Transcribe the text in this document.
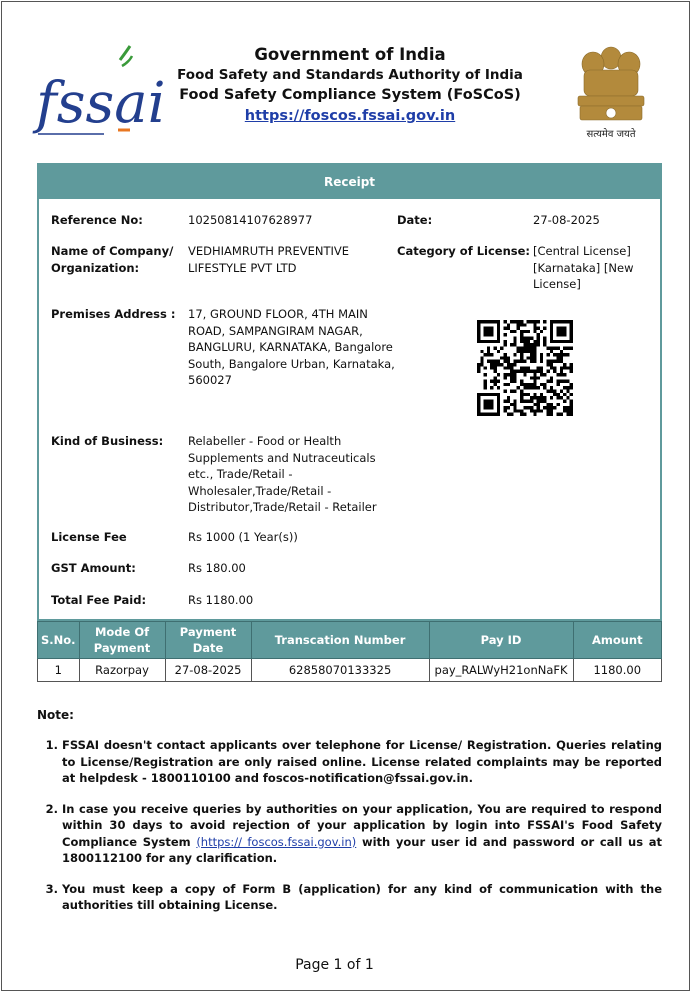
fssai
Government of India
Food Safety and Standards Authority of India
Food Safety Compliance System (FoSCoS)
https://foscos.fssai.gov.in
सत्यमेव जयते
Receipt
Reference No:	10250814107628977	Date:	27-08-2025
Name of Company/
Organization:
VEDHIAMRUTH PREVENTIVE
LIFESTYLE PVT LTD
Category of License: [Central License]
[Karnataka] [New
License]
Premises Address : 17, GROUND FLOOR, 4TH MAIN
ROAD, SAMPANGIRAM NAGAR,
BANGLURU, KARNATAKA, Bangalore
South, Bangalore Urban, Karnataka,
560027
Kind of Business: Relabeller - Food or Health
Supplements and Nutraceuticals
etc., Trade/Retail -
Wholesaler,Trade/Retail -
Distributor,Trade/Retail - Retailer
License Fee	Rs 1000 (1 Year(s))
GST Amount:	Rs 180.00
Total Fee Paid:	Rs 1180.00
S.No.	Mode Of Payment	Payment Date	Transcation Number	Pay ID	Amount
1	Razorpay	27-08-2025	62858070133325	pay_RALWyH21onNaFK	1180.00
Note:
1. FSSAI doesn't contact applicants over telephone for License/ Registration. Queries relating to License/Registration are only raised online. License related complaints may be reported at helpdesk - 1800110100 and foscos-notification@fssai.gov.in.
2. In case you receive queries by authorities on your application, You are required to respond within 30 days to avoid rejection of your application by login into FSSAI's Food Safety Compliance System (https:// foscos.fssai.gov.in) with your user id and password or call us at 1800112100 for any clarification.
3. You must keep a copy of Form B (application) for any kind of communication with the authorities till obtaining License.
Page 1 of 1
